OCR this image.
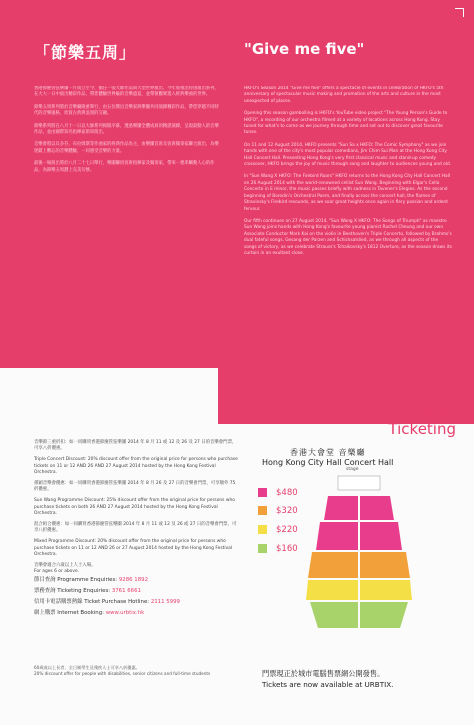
「節樂五周」	"Give me five"

香港節慶管弦樂團一月成立至今，擔任一張大師作品與大型世界演出，今年將推出特別演出系列，在大大一日中演出精彩作品，帶您體驗世界級的音樂盛宴，並帶領觀眾進入經典樂曲的世界。

節樂五周系列將於音樂廳隆重舉行，由五位傑出音樂家與樂團共同演繹精彩作品，帶您穿越不同時代的音樂風格，欣賞古典與浪漫的交融。

節樂系列將在八月十一日以大師系列揭開序幕，透過樂團全體成員的精湛演繹，呈現最動人的音樂作品，並由國際知名指揮家領軍演出。

音樂會將以貝多芬、布拉姆斯等作曲家的經典作品為主，由樂團首席及客席獨奏家聯合演出，為樂迷獻上難忘的音樂體驗，一同感受音樂的力量。

最後一場演出將於八月二十七日舉行，樂團聯同客席指揮家及獨奏家，帶來一連串觸動人心的作品，為節樂五周劃上完美句號。

HKFO's Season 2014 "Give me five" offers a spectacle of events in celebration of HKFO's 5th anniversary of spectacular music making and promotion of the arts and culture in the most unexpected of places.

Opening this season gambolling is HKFO's YouTube video project "The Young Person's Guide to HKFO", a recording of our orchestra filmed at a variety of locations across Hong Kong. Stay tuned for what's to come as we journey through time and set out to discover great favourite tunes.

On 11 and 12 August 2014, HKFO presents "Sun Sa x HKFO: The Comic Symphony" as we join hands with one of the city's most popular comedians, Jim Chim Sui Man at the Hong Kong City Hall Concert Hall. Presenting Hong Kong's very first classical music and stand-up comedy crossover, HKFO brings the joy of music through song and laughter to audiences young and old.

In "Sun Wang X HKFO: The Firebird Roars" HKFO returns to the Hong Kong City Hall Concert Hall on 26 August 2014 with the world-renowned cellist Sun Wang. Beginning with Elgar's Cello Concerto in E minor, the music passes briefly with sadness in Tavener's Elegies. As the second beginning of Borodin's Orchestral Poem, and finally across the concert hall, the flames of Stravinsky's Firebird resounds, as we soar great heights once again in fiery passion and ardent fervour.

Our fifth continues on 27 August 2014, "Sun Wang X HKFO: The Songs of Triumph" as maestro Sun Wang joins hands with Hong Kong's favourite young pianist Rachel Cheung and our own Associate Conductor Mark Kai on the violin in Beethoven's Triple Concerto, followed by Brahms's dual fateful songs, Gesang der Parzen and Schicksalslied, as we through all aspects of the songs of victory, as we celebrate Strauss's Tchaikovsky's 1812 Overture, as the season draws its curtain in an exultant close.

票務
Ticketing

音樂節三重折扣：如一同購買香港節慶管弦樂團 2014 年 8 月 11 或 12 及 26 及 27 日的音樂會門票，可享八折優惠。

Triple Concert Discount: 20% discount offer from the original price for persons who purchase tickets on 11 or 12 AND 26 AND 27 August 2014 hosted by the Hong Kong Festival Orchestra.

孫穎音樂會優惠：如一同購買香港節慶管弦樂團 2014 年 8 月 26 及 27 日的音樂會門票，可享額外 75 折優惠。

Sun Wang Programme Discount: 25% discount offer from the original price for persons who purchase tickets on both 26 AND 27 August 2014 hosted by the Hong Kong Festival Orchestra.

混合組合優惠：如一同購買香港節慶管弦樂團 2014 年 8 月 11 或 12 及 26 或 27 日的音樂會門票，可享八折優惠。

Mixed Programme Discount: 20% discount offer from the original price for persons who purchase tickets on 11 or 12 AND 26 or 27 August 2014 hosted by the Hong Kong Festival Orchestra.

音樂會適合六歲以上人士入場。

For ages 6 or above.

節目查詢 Programme Enquiries: 9286 1892
票務查詢 Ticketing Enquiries: 3761 6661
信用卡電話購票熱線 Ticket Purchase Hotline: 2111 5999
網上購票 Internet Booking: www.urbtix.hk
60歲或以上長者、全日制學生及殘疾人士可享八折優惠。
20% discount offer for people with disabilities, senior citizens and full-time students
香港大會堂 音樂廳
Hong Kong City Hall Concert Hall
stage
$480
$320
$220
$160
門票現正於城市電腦售票網公開發售。
Tickets are now available at URBTIX.
